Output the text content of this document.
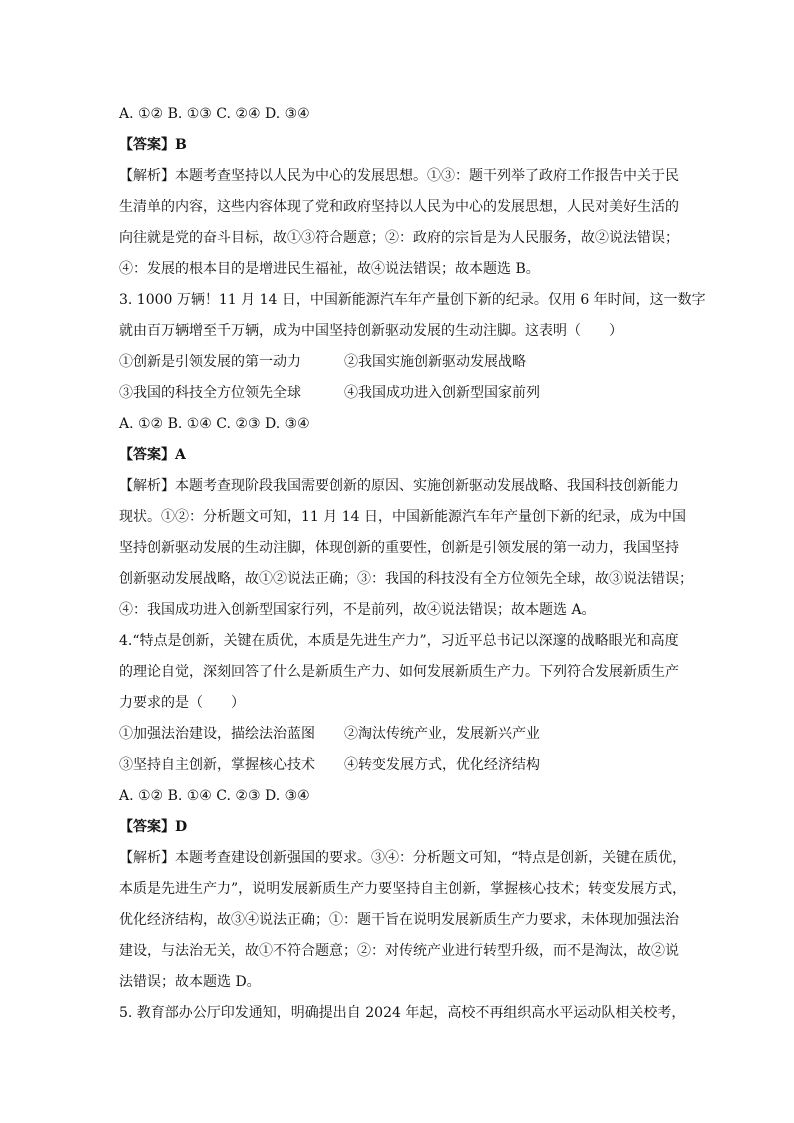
A. ①② B. ①③ C. ②④ D. ③④
【答案】B
【解析】本题考查坚持以人民为中心的发展思想。①③：题干列举了政府工作报告中关于民
生清单的内容，这些内容体现了党和政府坚持以人民为中心的发展思想，人民对美好生活的
向往就是党的奋斗目标，故①③符合题意；②：政府的宗旨是为人民服务，故②说法错误；
④：发展的根本目的是增进民生福祉，故④说法错误；故本题选 B。
3. 1000 万辆！11 月 14 日，中国新能源汽车年产量创下新的纪录。仅用 6 年时间，这一数字
就由百万辆增至千万辆，成为中国坚持创新驱动发展的生动注脚。这表明（　　）
①创新是引领发展的第一动力	②我国实施创新驱动发展战略
③我国的科技全方位领先全球	④我国成功进入创新型国家前列
A. ①② B. ①④ C. ②③ D. ③④
【答案】A
【解析】本题考查现阶段我国需要创新的原因、实施创新驱动发展战略、我国科技创新能力
现状。①②：分析题文可知，11 月 14 日，中国新能源汽车年产量创下新的纪录，成为中国
坚持创新驱动发展的生动注脚，体现创新的重要性，创新是引领发展的第一动力，我国坚持
创新驱动发展战略，故①②说法正确；③：我国的科技没有全方位领先全球，故③说法错误；
④：我国成功进入创新型国家行列，不是前列，故④说法错误；故本题选 A。
4.“特点是创新，关键在质优，本质是先进生产力”，习近平总书记以深邃的战略眼光和高度
的理论自觉，深刻回答了什么是新质生产力、如何发展新质生产力。下列符合发展新质生产
力要求的是（　　）
①加强法治建设，描绘法治蓝图	②淘汰传统产业，发展新兴产业
③坚持自主创新，掌握核心技术	④转变发展方式，优化经济结构
A. ①② B. ①④ C. ②③ D. ③④
【答案】D
【解析】本题考查建设创新强国的要求。③④：分析题文可知，“特点是创新，关键在质优，
本质是先进生产力”，说明发展新质生产力要坚持自主创新，掌握核心技术；转变发展方式，
优化经济结构，故③④说法正确；①：题干旨在说明发展新质生产力要求，未体现加强法治
建设，与法治无关，故①不符合题意；②：对传统产业进行转型升级，而不是淘汰，故②说
法错误；故本题选 D。
5. 教育部办公厅印发通知，明确提出自 2024 年起，高校不再组织高水平运动队相关校考，
